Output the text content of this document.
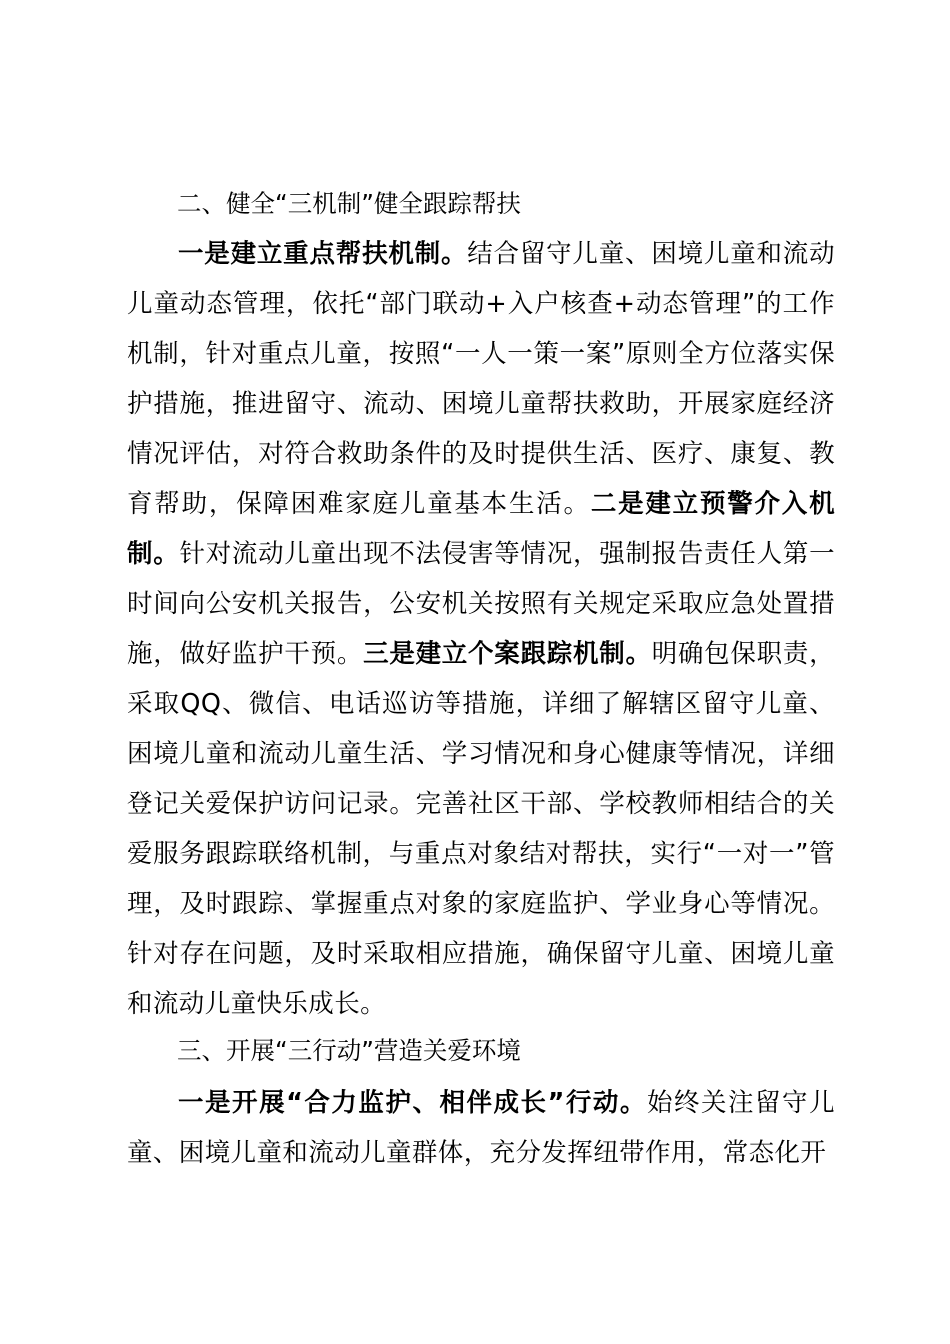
二、健全“三机制”健全跟踪帮扶
一是建立重点帮扶机制。结合留守儿童、困境儿童和流动儿童动态管理，依托“部门联动+入户核查+动态管理”的工作机制，针对重点儿童，按照“一人一策一案”原则全方位落实保护措施，推进留守、流动、困境儿童帮扶救助，开展家庭经济情况评估，对符合救助条件的及时提供生活、医疗、康复、教育帮助，保障困难家庭儿童基本生活。二是建立预警介入机制。针对流动儿童出现不法侵害等情况，强制报告责任人第一时间向公安机关报告，公安机关按照有关规定采取应急处置措施，做好监护干预。三是建立个案跟踪机制。明确包保职责，采取QQ、微信、电话巡访等措施，详细了解辖区留守儿童、困境儿童和流动儿童生活、学习情况和身心健康等情况，详细登记关爱保护访问记录。完善社区干部、学校教师相结合的关爱服务跟踪联络机制，与重点对象结对帮扶，实行“一对一”管理，及时跟踪、掌握重点对象的家庭监护、学业身心等情况。针对存在问题，及时采取相应措施，确保留守儿童、困境儿童和流动儿童快乐成长。
三、开展“三行动”营造关爱环境
一是开展“合力监护、相伴成长”行动。始终关注留守儿童、困境儿童和流动儿童群体，充分发挥纽带作用，常态化开
